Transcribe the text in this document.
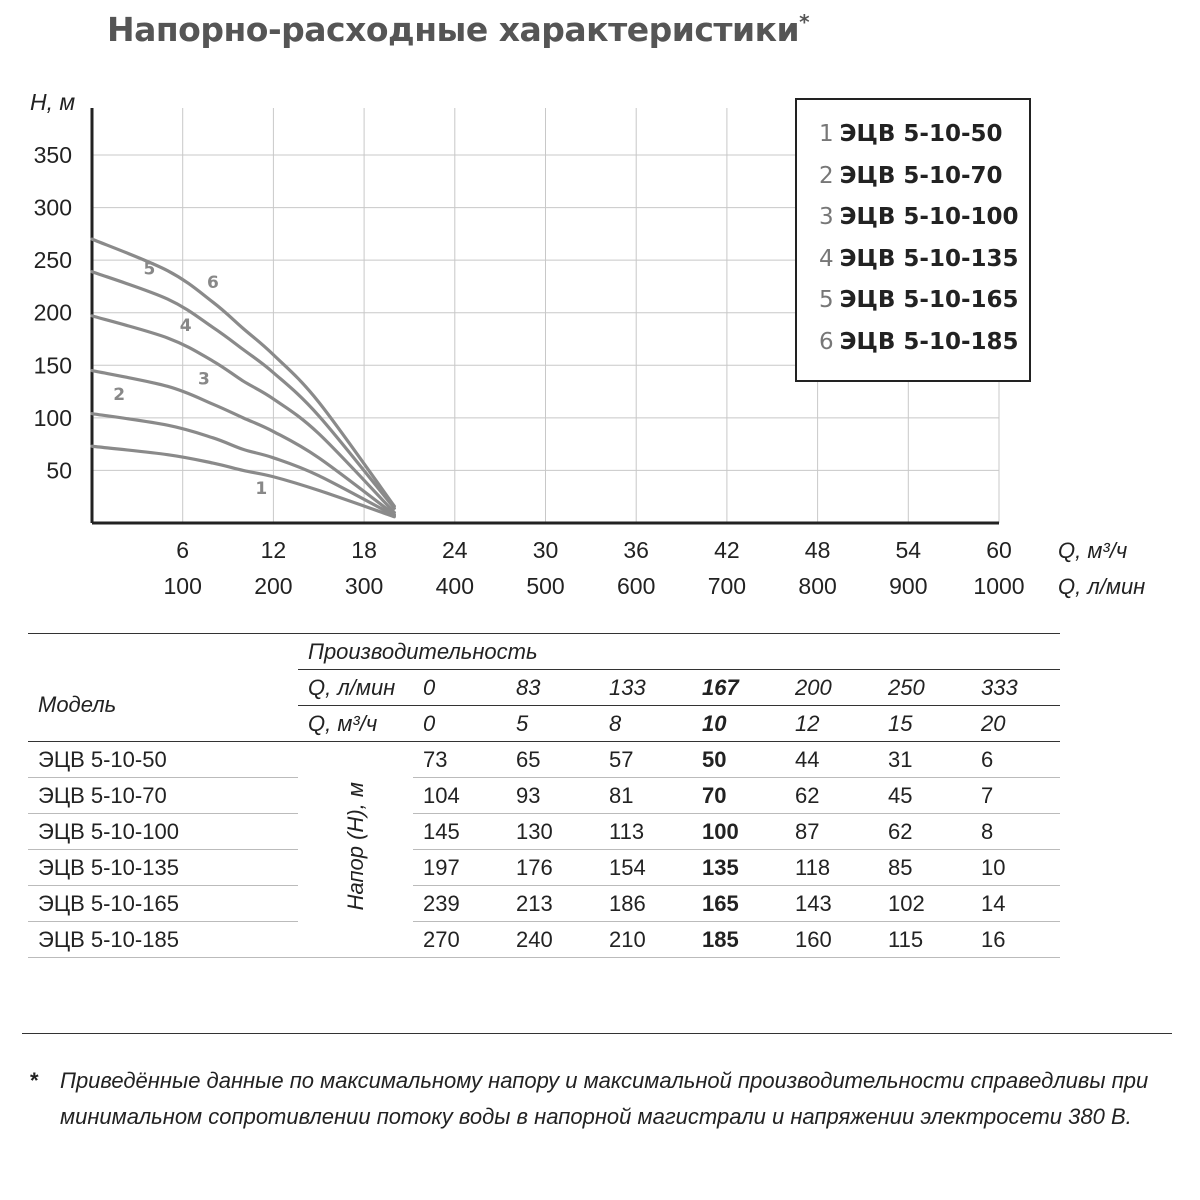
Напорно-расходные характеристики*
H, м
350
300
250
200
150
100
50
6	12	18	24	30	36	42	48	54	60
100 200 300 400 500 600 700 800 900 1000
Q, м³/ч
Q, л/мин
1
2
3
4
5
6
1 ЭЦВ 5-10-50
2 ЭЦВ 5-10-70
3 ЭЦВ 5-10-100
4 ЭЦВ 5-10-135
5 ЭЦВ 5-10-165
6 ЭЦВ 5-10-185
	Производительность							
Модель	Q, л/мин	0	83	133	167	200	250	333
	Q, м³/ч	0	5	8	10	12	15	20
ЭЦВ 5-10-50	Напор (H), м	73	65	57	50	44	31	6
ЭЦВ 5-10-70		104	93	81	70	62	45	7
ЭЦВ 5-10-100		145	130	113	100	87	62	8
ЭЦВ 5-10-135		197	176	154	135	118	85	10
ЭЦВ 5-10-165		239	213	186	165	143	102	14
ЭЦВ 5-10-185		270	240	210	185	160	115	16
* Приведённые данные по максимальному напору и максимальной производительности справедливы при минимальном сопротивлении потоку воды в напорной магистрали и напряжении электросети 380 В.
